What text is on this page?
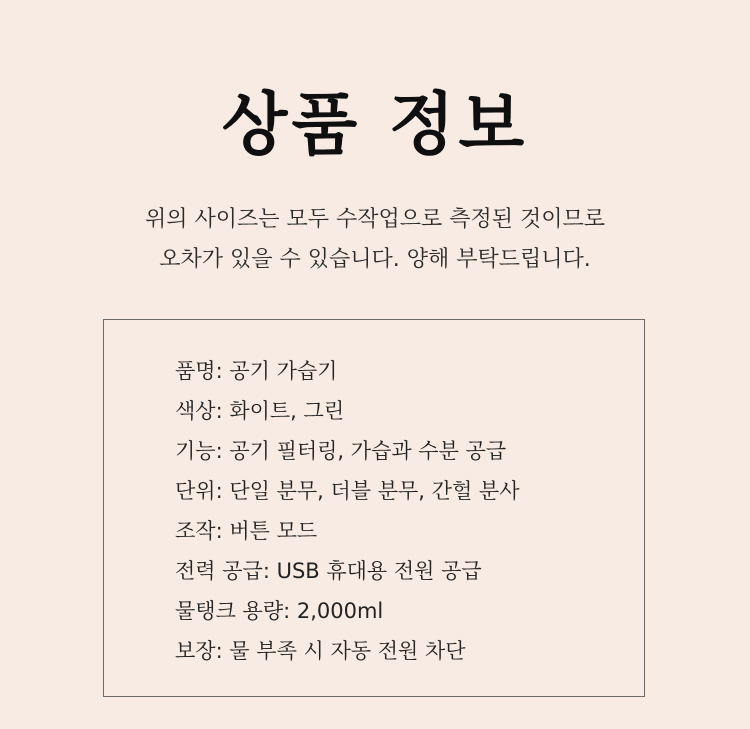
상품 정보
위의 사이즈는 모두 수작업으로 측정된 것이므로
오차가 있을 수 있습니다. 양해 부탁드립니다.
품명: 공기 가습기
색상: 화이트, 그린
기능: 공기 필터링, 가습과 수분 공급
단위: 단일 분무, 더블 분무, 간헐 분사
조작: 버튼 모드
전력 공급: USB 휴대용 전원 공급
물탱크 용량: 2,000ml
보장: 물 부족 시 자동 전원 차단
